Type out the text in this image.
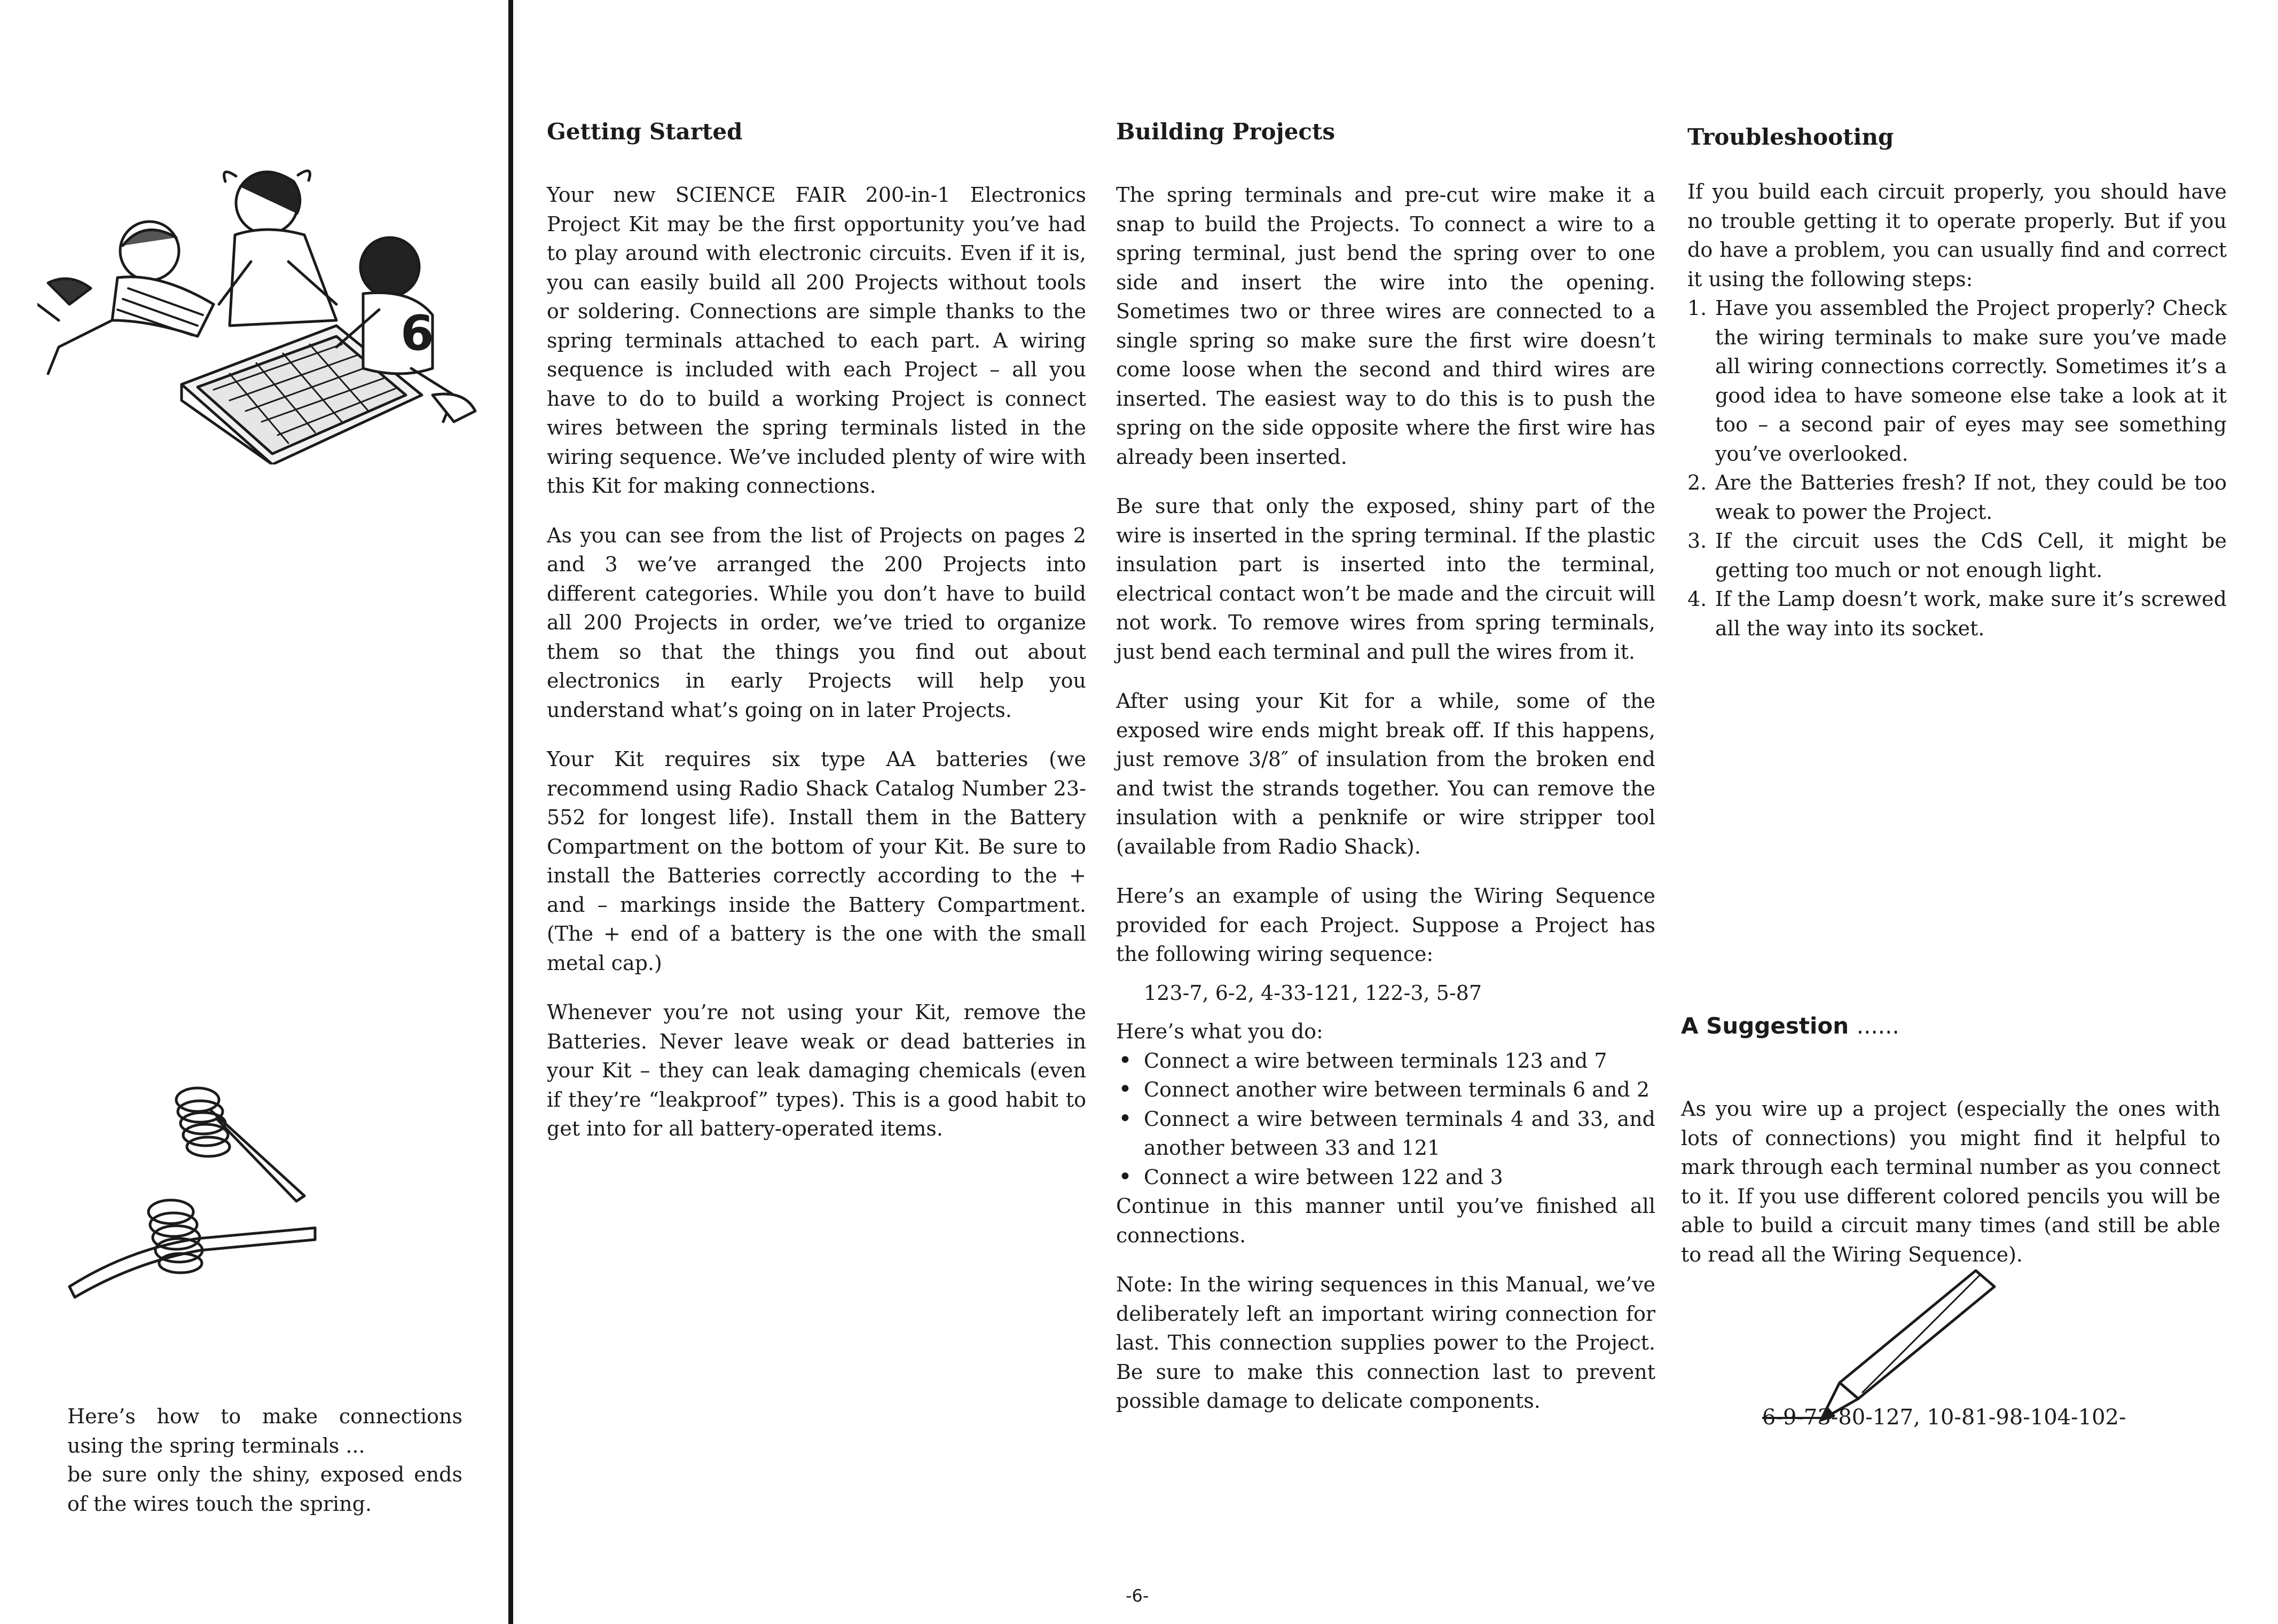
6
Getting Started

Your new SCIENCE FAIR 200-in-1 Electronics Project Kit may be the first opportunity you’ve had to play around with electronic circuits. Even if it is, you can easily build all 200 Projects without tools or soldering. Connections are simple thanks to the spring terminals attached to each part. A wiring sequence is included with each Project – all you have to do to build a working Project is connect wires between the spring terminals listed in the wiring sequence. We’ve included plenty of wire with this Kit for making connections.

As you can see from the list of Projects on pages 2 and 3 we’ve arranged the 200 Projects into different categories. While you don’t have to build all 200 Projects in order, we’ve tried to organize them so that the things you find out about electronics in early Projects will help you understand what’s going on in later Projects.

Your Kit requires six type AA batteries (we recommend using Radio Shack Catalog Number 23-552 for longest life). Install them in the Battery Compartment on the bottom of your Kit. Be sure to install the Batteries correctly according to the + and – markings inside the Battery Compartment. (The + end of a battery is the one with the small metal cap.)

Whenever you’re not using your Kit, remove the Batteries. Never leave weak or dead batteries in your Kit – they can leak damaging chemicals (even if they’re “leakproof” types). This is a good habit to get into for all battery-operated items.

Building Projects

The spring terminals and pre-cut wire make it a snap to build the Projects. To connect a wire to a spring terminal, just bend the spring over to one side and insert the wire into the opening. Sometimes two or three wires are connected to a single spring so make sure the first wire doesn’t come loose when the second and third wires are inserted. The easiest way to do this is to push the spring on the side opposite where the first wire has already been inserted.

Be sure that only the exposed, shiny part of the wire is inserted in the spring terminal. If the plastic insulation part is inserted into the terminal, electrical contact won’t be made and the circuit will not work. To remove wires from spring terminals, just bend each terminal and pull the wires from it.

After using your Kit for a while, some of the exposed wire ends might break off. If this happens, just remove 3/8″ of insulation from the broken end and twist the strands together. You can remove the insulation with a penknife or wire stripper tool (available from Radio Shack).

Here’s an example of using the Wiring Sequence provided for each Project. Suppose a Project has the following wiring sequence:

123-7, 6-2, 4-33-121, 122-3, 5-87
Here’s what you do:
• Connect a wire between terminals 123 and 7
• Connect another wire between terminals 6 and 2
• Connect a wire between terminals 4 and 33, and another between 33 and 121
• Connect a wire between 122 and 3

Continue in this manner until you’ve finished all connections.

Note: In the wiring sequences in this Manual, we’ve deliberately left an important wiring connection for last. This connection supplies power to the Project. Be sure to make this connection last to prevent possible damage to delicate components.

Troubleshooting
If you build each circuit properly, you should have no trouble getting it to operate properly. But if you do have a problem, you can usually find and correct it using the following steps:
1. Have you assembled the Project properly? Check the wiring terminals to make sure you’ve made all wiring connections correctly. Sometimes it’s a good idea to have someone else take a look at it too – a second pair of eyes may see something you’ve overlooked.
2. Are the Batteries fresh? If not, they could be too weak to power the Project.
3. If the circuit uses the CdS Cell, it might be getting too much or not enough light.
4. If the Lamp doesn’t work, make sure it’s screwed all the way into its socket.
A Suggestion ......

As you wire up a project (especially the ones with lots of connections) you might find it helpful to mark through each terminal number as you connect to it. If you use different colored pencils you will be able to build a circuit many times (and still be able to read all the Wiring Sequence).

6-9-73-80-127, 10-81-98-104-102-
Here’s how to make connections using the spring terminals ...
be sure only the shiny, exposed ends of the wires touch the spring.
-6-
